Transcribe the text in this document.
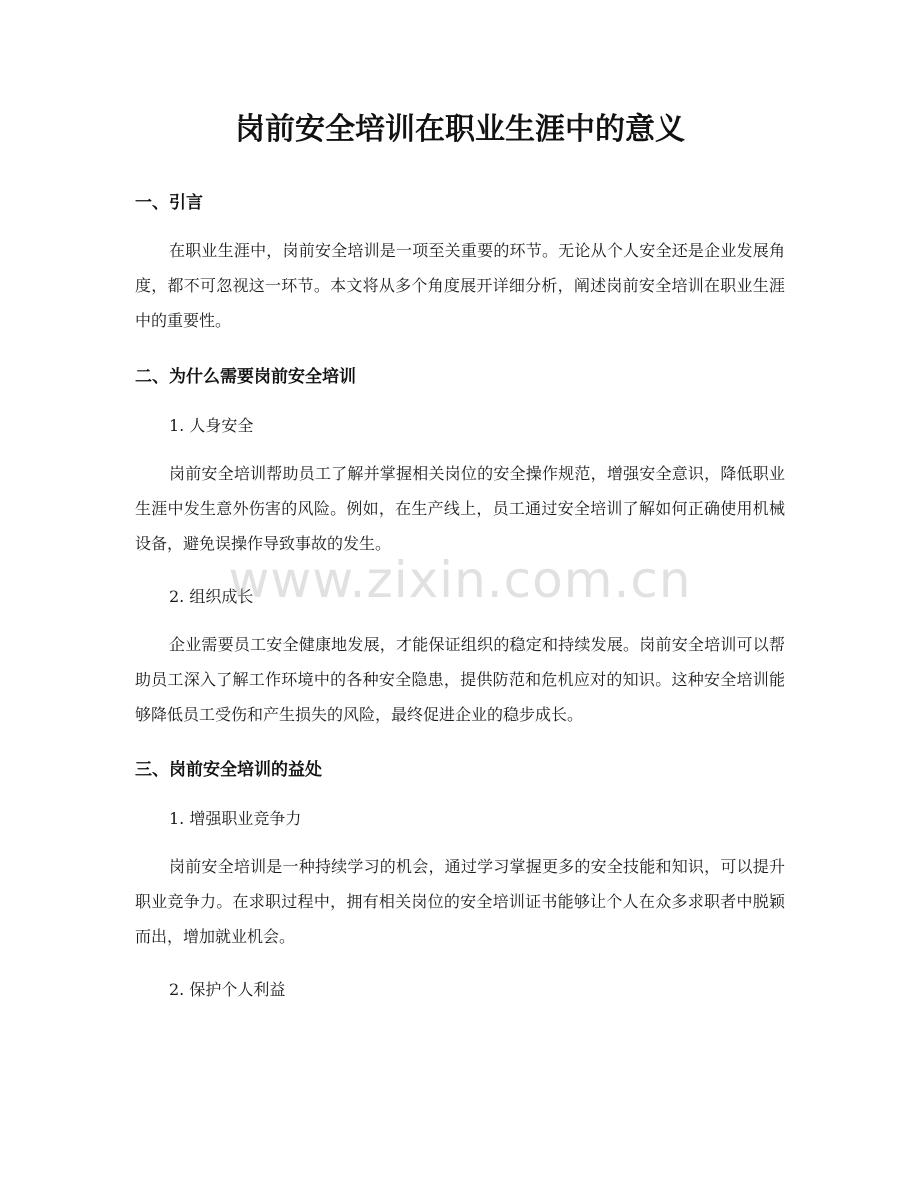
岗前安全培训在职业生涯中的意义
一、引言

在职业生涯中，岗前安全培训是一项至关重要的环节。无论从个人安全还是企业发展角度，都不可忽视这一环节。本文将从多个角度展开详细分析，阐述岗前安全培训在职业生涯中的重要性。

二、为什么需要岗前安全培训

1. 人身安全

岗前安全培训帮助员工了解并掌握相关岗位的安全操作规范，增强安全意识，降低职业生涯中发生意外伤害的风险。例如，在生产线上，员工通过安全培训了解如何正确使用机械设备，避免误操作导致事故的发生。

2. 组织成长

企业需要员工安全健康地发展，才能保证组织的稳定和持续发展。岗前安全培训可以帮助员工深入了解工作环境中的各种安全隐患，提供防范和危机应对的知识。这种安全培训能够降低员工受伤和产生损失的风险，最终促进企业的稳步成长。

三、岗前安全培训的益处

1. 增强职业竞争力

岗前安全培训是一种持续学习的机会，通过学习掌握更多的安全技能和知识，可以提升职业竞争力。在求职过程中，拥有相关岗位的安全培训证书能够让个人在众多求职者中脱颖而出，增加就业机会。

2. 保护个人利益

www.zixin.com.cn
